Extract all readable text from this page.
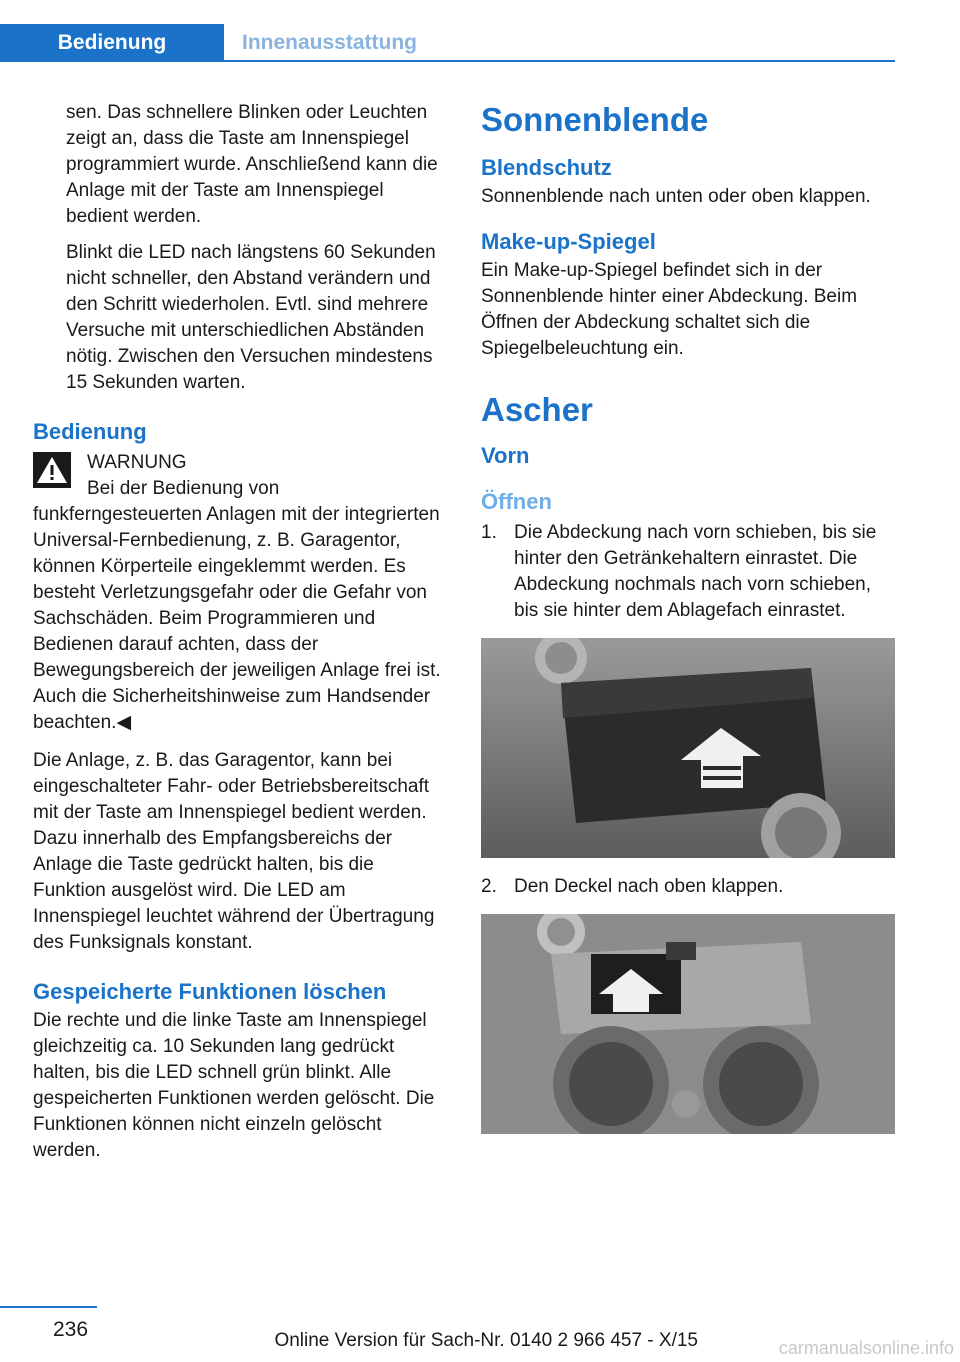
Bedienung	Innenausstattung

sen. Das schnellere Blinken oder Leuchten zeigt an, dass die Taste am Innenspiegel programmiert wurde. Anschließend kann die Anlage mit der Taste am Innenspiegel bedient werden.

Blinkt die LED nach längstens 60 Sekunden nicht schneller, den Abstand verändern und den Schritt wiederholen. Evtl. sind mehrere Versuche mit unterschiedlichen Abständen nötig. Zwischen den Versuchen mindestens 15 Sekunden warten.

Bedienung

WARNUNG

Bei der Bedienung von funkferngesteuerten Anlagen mit der integrierten Universal-Fernbedienung, z. B. Garagentor, können Körperteile eingeklemmt werden. Es besteht Verletzungsgefahr oder die Gefahr von Sachschäden. Beim Programmieren und Bedienen darauf achten, dass der Bewegungsbereich der jeweiligen Anlage frei ist. Auch die Sicherheitshinweise zum Handsender beachten.◀

Die Anlage, z. B. das Garagentor, kann bei eingeschalteter Fahr- oder Betriebsbereitschaft mit der Taste am Innenspiegel bedient werden. Dazu innerhalb des Empfangsbereichs der Anlage die Taste gedrückt halten, bis die Funktion ausgelöst wird. Die LED am Innenspiegel leuchtet während der Übertragung des Funksignals konstant.

Gespeicherte Funktionen löschen

Die rechte und die linke Taste am Innenspiegel gleichzeitig ca. 10 Sekunden lang gedrückt halten, bis die LED schnell grün blinkt. Alle gespeicherten Funktionen werden gelöscht. Die Funktionen können nicht einzeln gelöscht werden.

Sonnenblende
Blendschutz

Sonnenblende nach unten oder oben klappen.

Make-up-Spiegel

Ein Make-up-Spiegel befindet sich in der Sonnenblende hinter einer Abdeckung. Beim Öffnen der Abdeckung schaltet sich die Spiegelbeleuchtung ein.

Ascher
Vorn
Öffnen
1. Die Abdeckung nach vorn schieben, bis sie hinter den Getränkehaltern einrastet. Die Abdeckung nochmals nach vorn schieben, bis sie hinter dem Ablagefach einrastet.
2. Den Deckel nach oben klappen.
236	Online Version für Sach-Nr. 0140 2 966 457 - X/15	carmanualsonline.info
